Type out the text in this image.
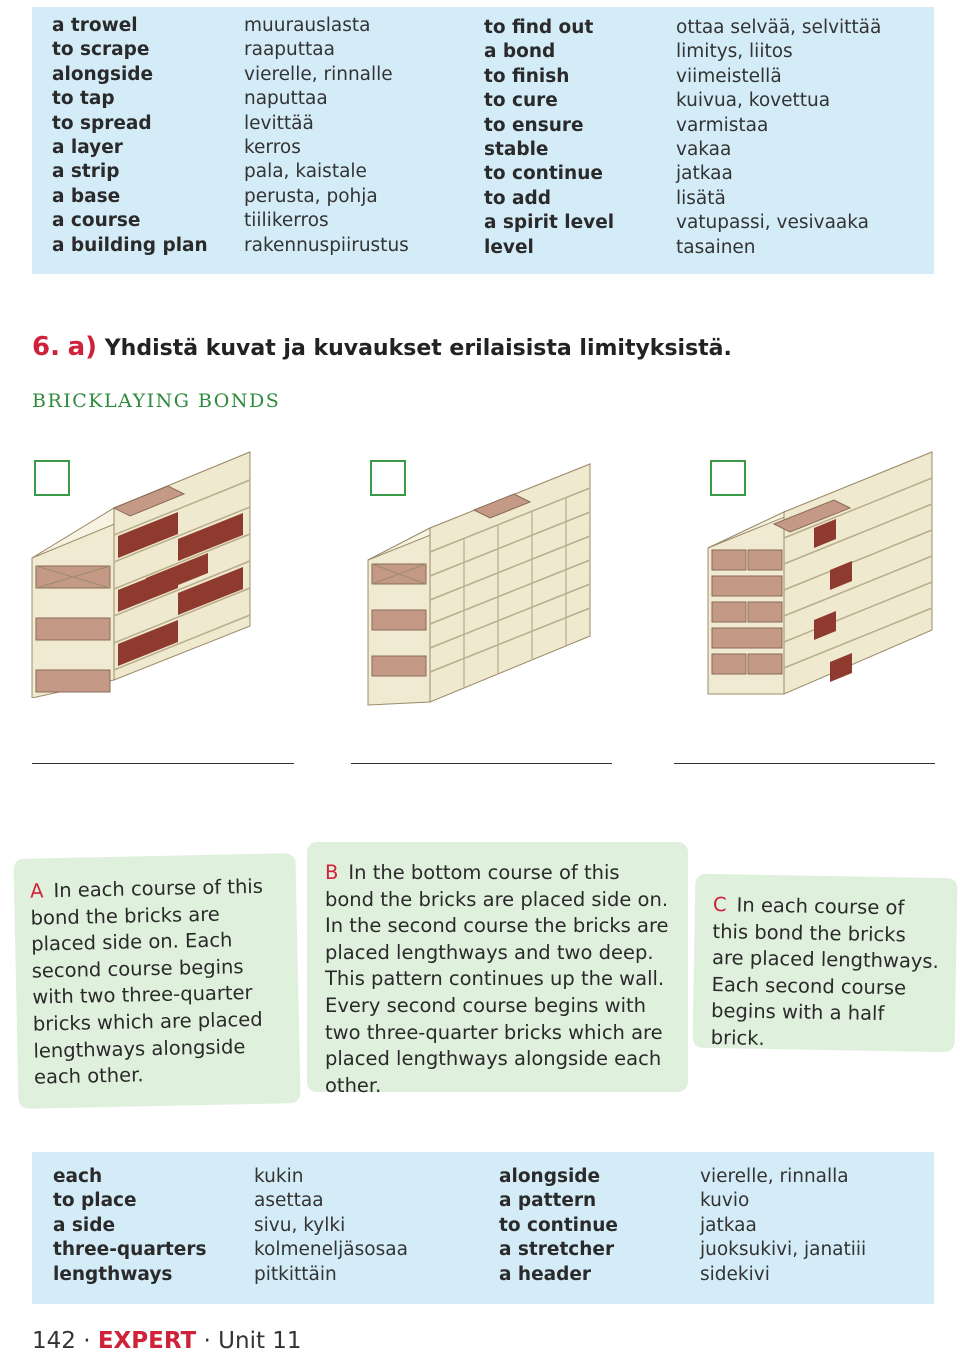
a trowel
to scrape
alongside
to tap
to spread
a layer
a strip
a base
a course
a building plan
muurauslasta
raaputtaa
vierelle, rinnalle
naputtaa
levittää
kerros
pala, kaistale
perusta, pohja
tiilikerros
rakennuspiirustus
to find out
a bond
to finish
to cure
to ensure
stable
to continue
to add
a spirit level
level
ottaa selvää, selvittää
limitys, liitos
viimeistellä
kuivua, kovettua
varmistaa
vakaa
jatkaa
lisätä
vatupassi, vesivaaka
tasainen
6. a) Yhdistä kuvat ja kuvaukset erilaisista limityksistä.
BRICKLAYING BONDS
A In each course of this bond the bricks are placed side on. Each second course begins with two three-quarter bricks which are placed lengthways alongside each other.
B In the bottom course of this bond the bricks are placed side on. In the second course the bricks are placed lengthways and two deep. This pattern continues up the wall. Every second course begins with two three-quarter bricks which are placed lengthways alongside each other.
C In each course of this bond the bricks are placed lengthways. Each second course begins with a half brick.
each
to place
a side
three-quarters
lengthways
kukin
asettaa
sivu, kylki
kolmeneljäsosaa
pitkittäin
alongside
a pattern
to continue
a stretcher
a header
vierelle, rinnalla
kuvio
jatkaa
juoksukivi, janatiii
sidekivi
142 · EXPERT · Unit 11
